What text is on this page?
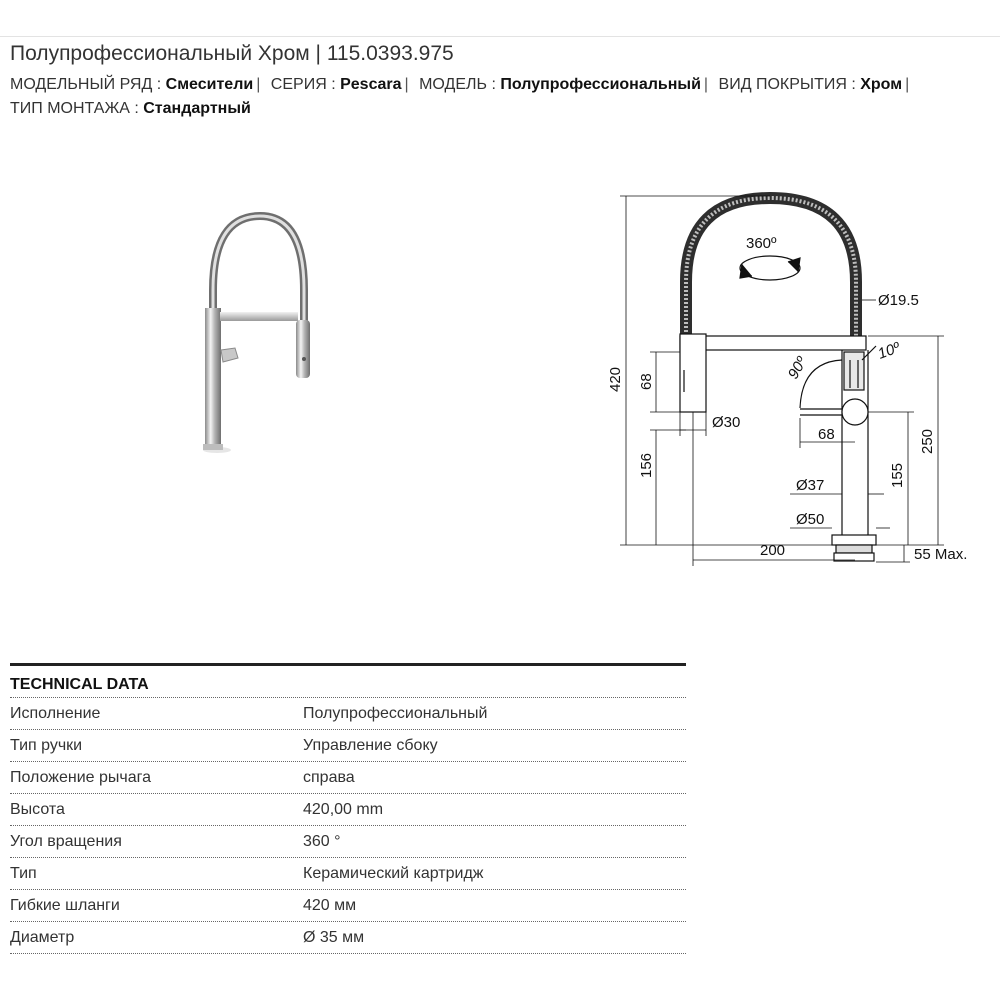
Полупрофессиональный Хром | 115.0393.975
МОДЕЛЬНЫЙ РЯД : Смесители | СЕРИЯ : Pescara | МОДЕЛЬ : Полупрофессиональный | ВИД ПОКРЫТИЯ : Хром | ТИП МОНТАЖА : Стандартный
360º
420 68
156
Ø19.5
10º
90º
68
Ø30
250
155
Ø37
Ø50
200	55 Max.
TECHNICAL DATA
Исполнение	Полупрофессиональный
Тип ручки	Управление сбоку
Положение рычага	справа
Высота	420,00 mm
Угол вращения	360 °
Тип	Керамический картридж
Гибкие шланги	420 мм
Диаметр	Ø 35 мм
